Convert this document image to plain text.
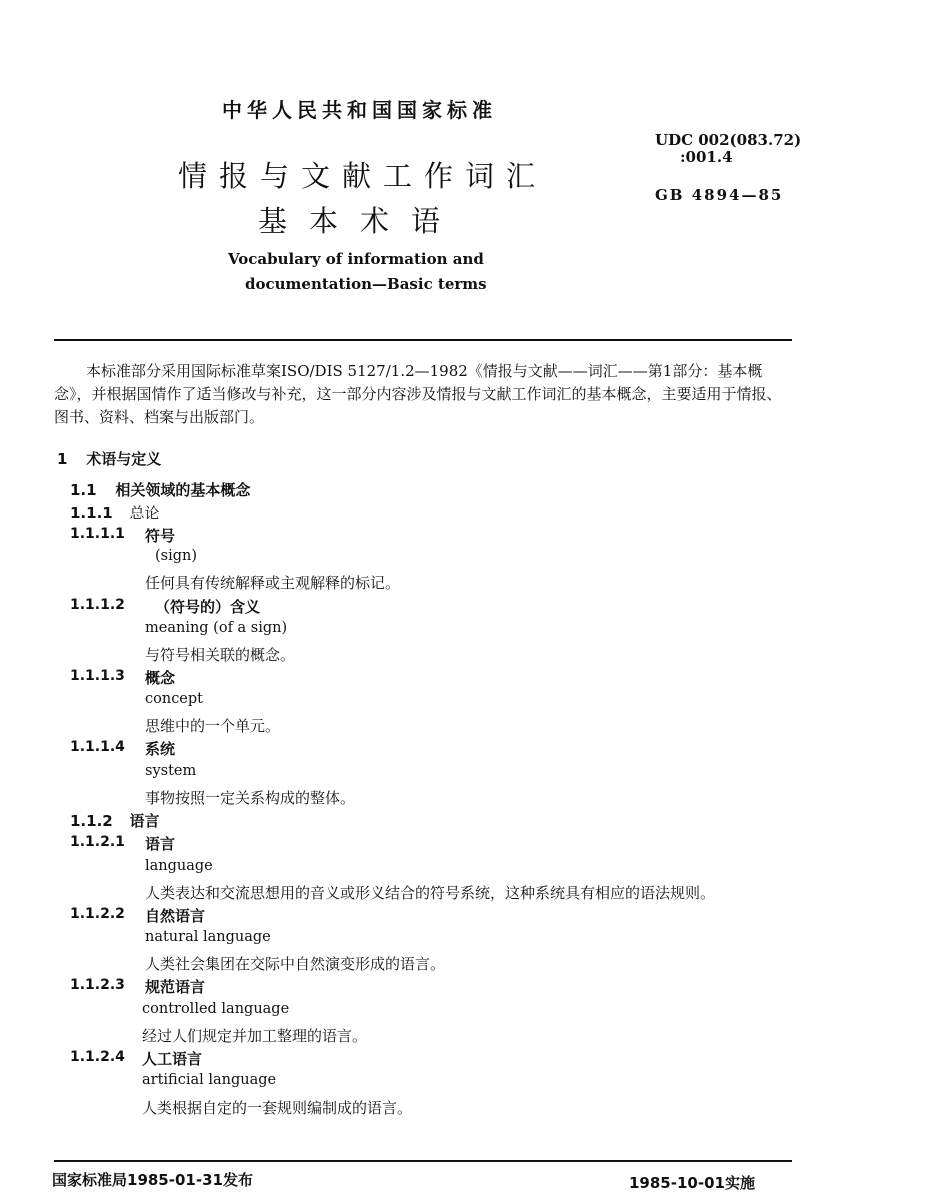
中华人民共和国国家标准
情报与文献工作词汇
基本术语
Vocabulary of information and
documentation—Basic terms
UDC 002(083.72)
:001.4
GB 4894—85
本标准部分采用国际标准草案ISO/DIS 5127/1.2—1982《情报与文献——词汇——第1部分：基本概念》，并根据国情作了适当修改与补充，这一部分内容涉及情报与文献工作词汇的基本概念，主要适用于情报、图书、资料、档案与出版部门。
1 术语与定义
1.1 相关领域的基本概念
1.1.1 总论
1.1.1.1 符号
(sign)
任何具有传统解释或主观解释的标记。
1.1.1.2 （符号的）含义
meaning (of a sign)
与符号相关联的概念。
1.1.1.3 概念
concept
思维中的一个单元。
1.1.1.4 系统
system
事物按照一定关系构成的整体。
1.1.2 语言
1.1.2.1 语言
language
人类表达和交流思想用的音义或形义结合的符号系统，这种系统具有相应的语法规则。
1.1.2.2 自然语言
natural language
人类社会集团在交际中自然演变形成的语言。
1.1.2.3 规范语言
controlled language
经过人们规定并加工整理的语言。
1.1.2.4 人工语言
artificial language
人类根据自定的一套规则编制成的语言。
国家标准局1985-01-31发布	1985-10-01实施
